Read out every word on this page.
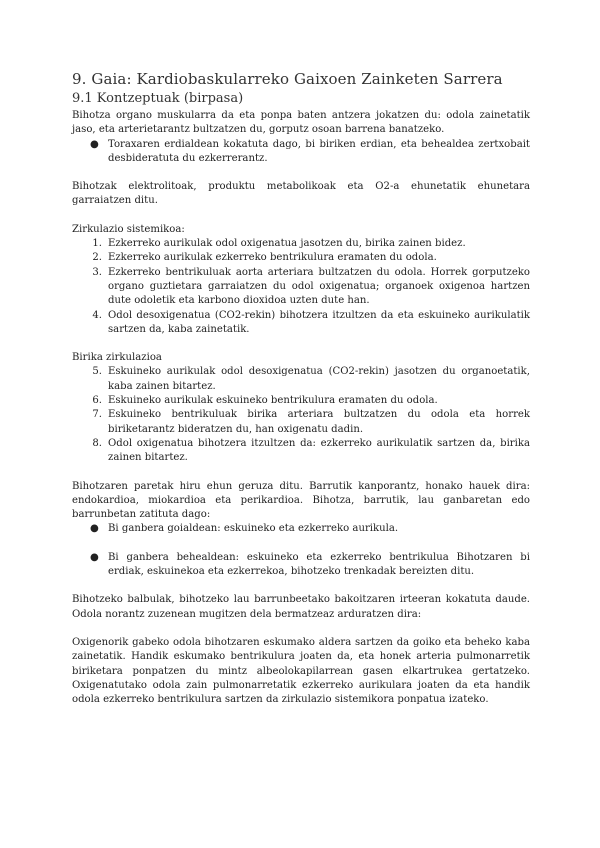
9. Gaia: Kardiobaskularreko Gaixoen Zainketen Sarrera
9.1 Kontzeptuak (birpasa)

Bihotza organo muskularra da eta ponpa baten antzera jokatzen du: odola zainetatik jaso, eta arterietarantz bultzatzen du, gorputz osoan barrena banatzeko.

● Toraxaren erdialdean kokatuta dago, bi biriken erdian, eta behealdea zertxobait desbideratuta du ezkerrerantz.

Bihotzak elektrolitoak, produktu metabolikoak eta O2-a ehunetatik ehunetara garraiatzen ditu.

Zirkulazio sistemikoa:

1. Ezkerreko aurikulak odol oxigenatua jasotzen du, birika zainen bidez.
2. Ezkerreko aurikulak ezkerreko bentrikulura eramaten du odola.
3. Ezkerreko bentrikuluak aorta arteriara bultzatzen du odola. Horrek gorputzeko organo guztietara garraiatzen du odol oxigenatua; organoek oxigenoa hartzen dute odoletik eta karbono dioxidoa uzten dute han.
4. Odol desoxigenatua (CO2-rekin) bihotzera itzultzen da eta eskuineko aurikulatik sartzen da, kaba zainetatik.

Birika zirkulazioa

5. Eskuineko aurikulak odol desoxigenatua (CO2-rekin) jasotzen du organoetatik, kaba zainen bitartez.
6. Eskuineko aurikulak eskuineko bentrikulura eramaten du odola.
7. Eskuineko bentrikuluak birika arteriara bultzatzen du odola eta horrek biriketarantz bideratzen du, han oxigenatu dadin.
8. Odol oxigenatua bihotzera itzultzen da: ezkerreko aurikulatik sartzen da, birika zainen bitartez.

Bihotzaren paretak hiru ehun geruza ditu. Barrutik kanporantz, honako hauek dira: endokardioa, miokardioa eta perikardioa. Bihotza, barrutik, lau ganbaretan edo barrunbetan zatituta dago:

● Bi ganbera goialdean: eskuineko eta ezkerreko aurikula.
● Bi ganbera behealdean: eskuineko eta ezkerreko bentrikulua Bihotzaren bi erdiak, eskuinekoa eta ezkerrekoa, bihotzeko trenkadak bereizten ditu.

Bihotzeko balbulak, bihotzeko lau barrunbeetako bakoitzaren irteeran kokatuta daude. Odola norantz zuzenean mugitzen dela bermatzeaz arduratzen dira:

Oxigenorik gabeko odola bihotzaren eskumako aldera sartzen da goiko eta beheko kaba zainetatik. Handik eskumako bentrikulura joaten da, eta honek arteria pulmonarretik biriketara ponpatzen du mintz albeolokapilarrean gasen elkartrukea gertatzeko. Oxigenatutako odola zain pulmonarretatik ezkerreko aurikulara joaten da eta handik odola ezkerreko bentrikulura sartzen da zirkulazio sistemikora ponpatua izateko.
